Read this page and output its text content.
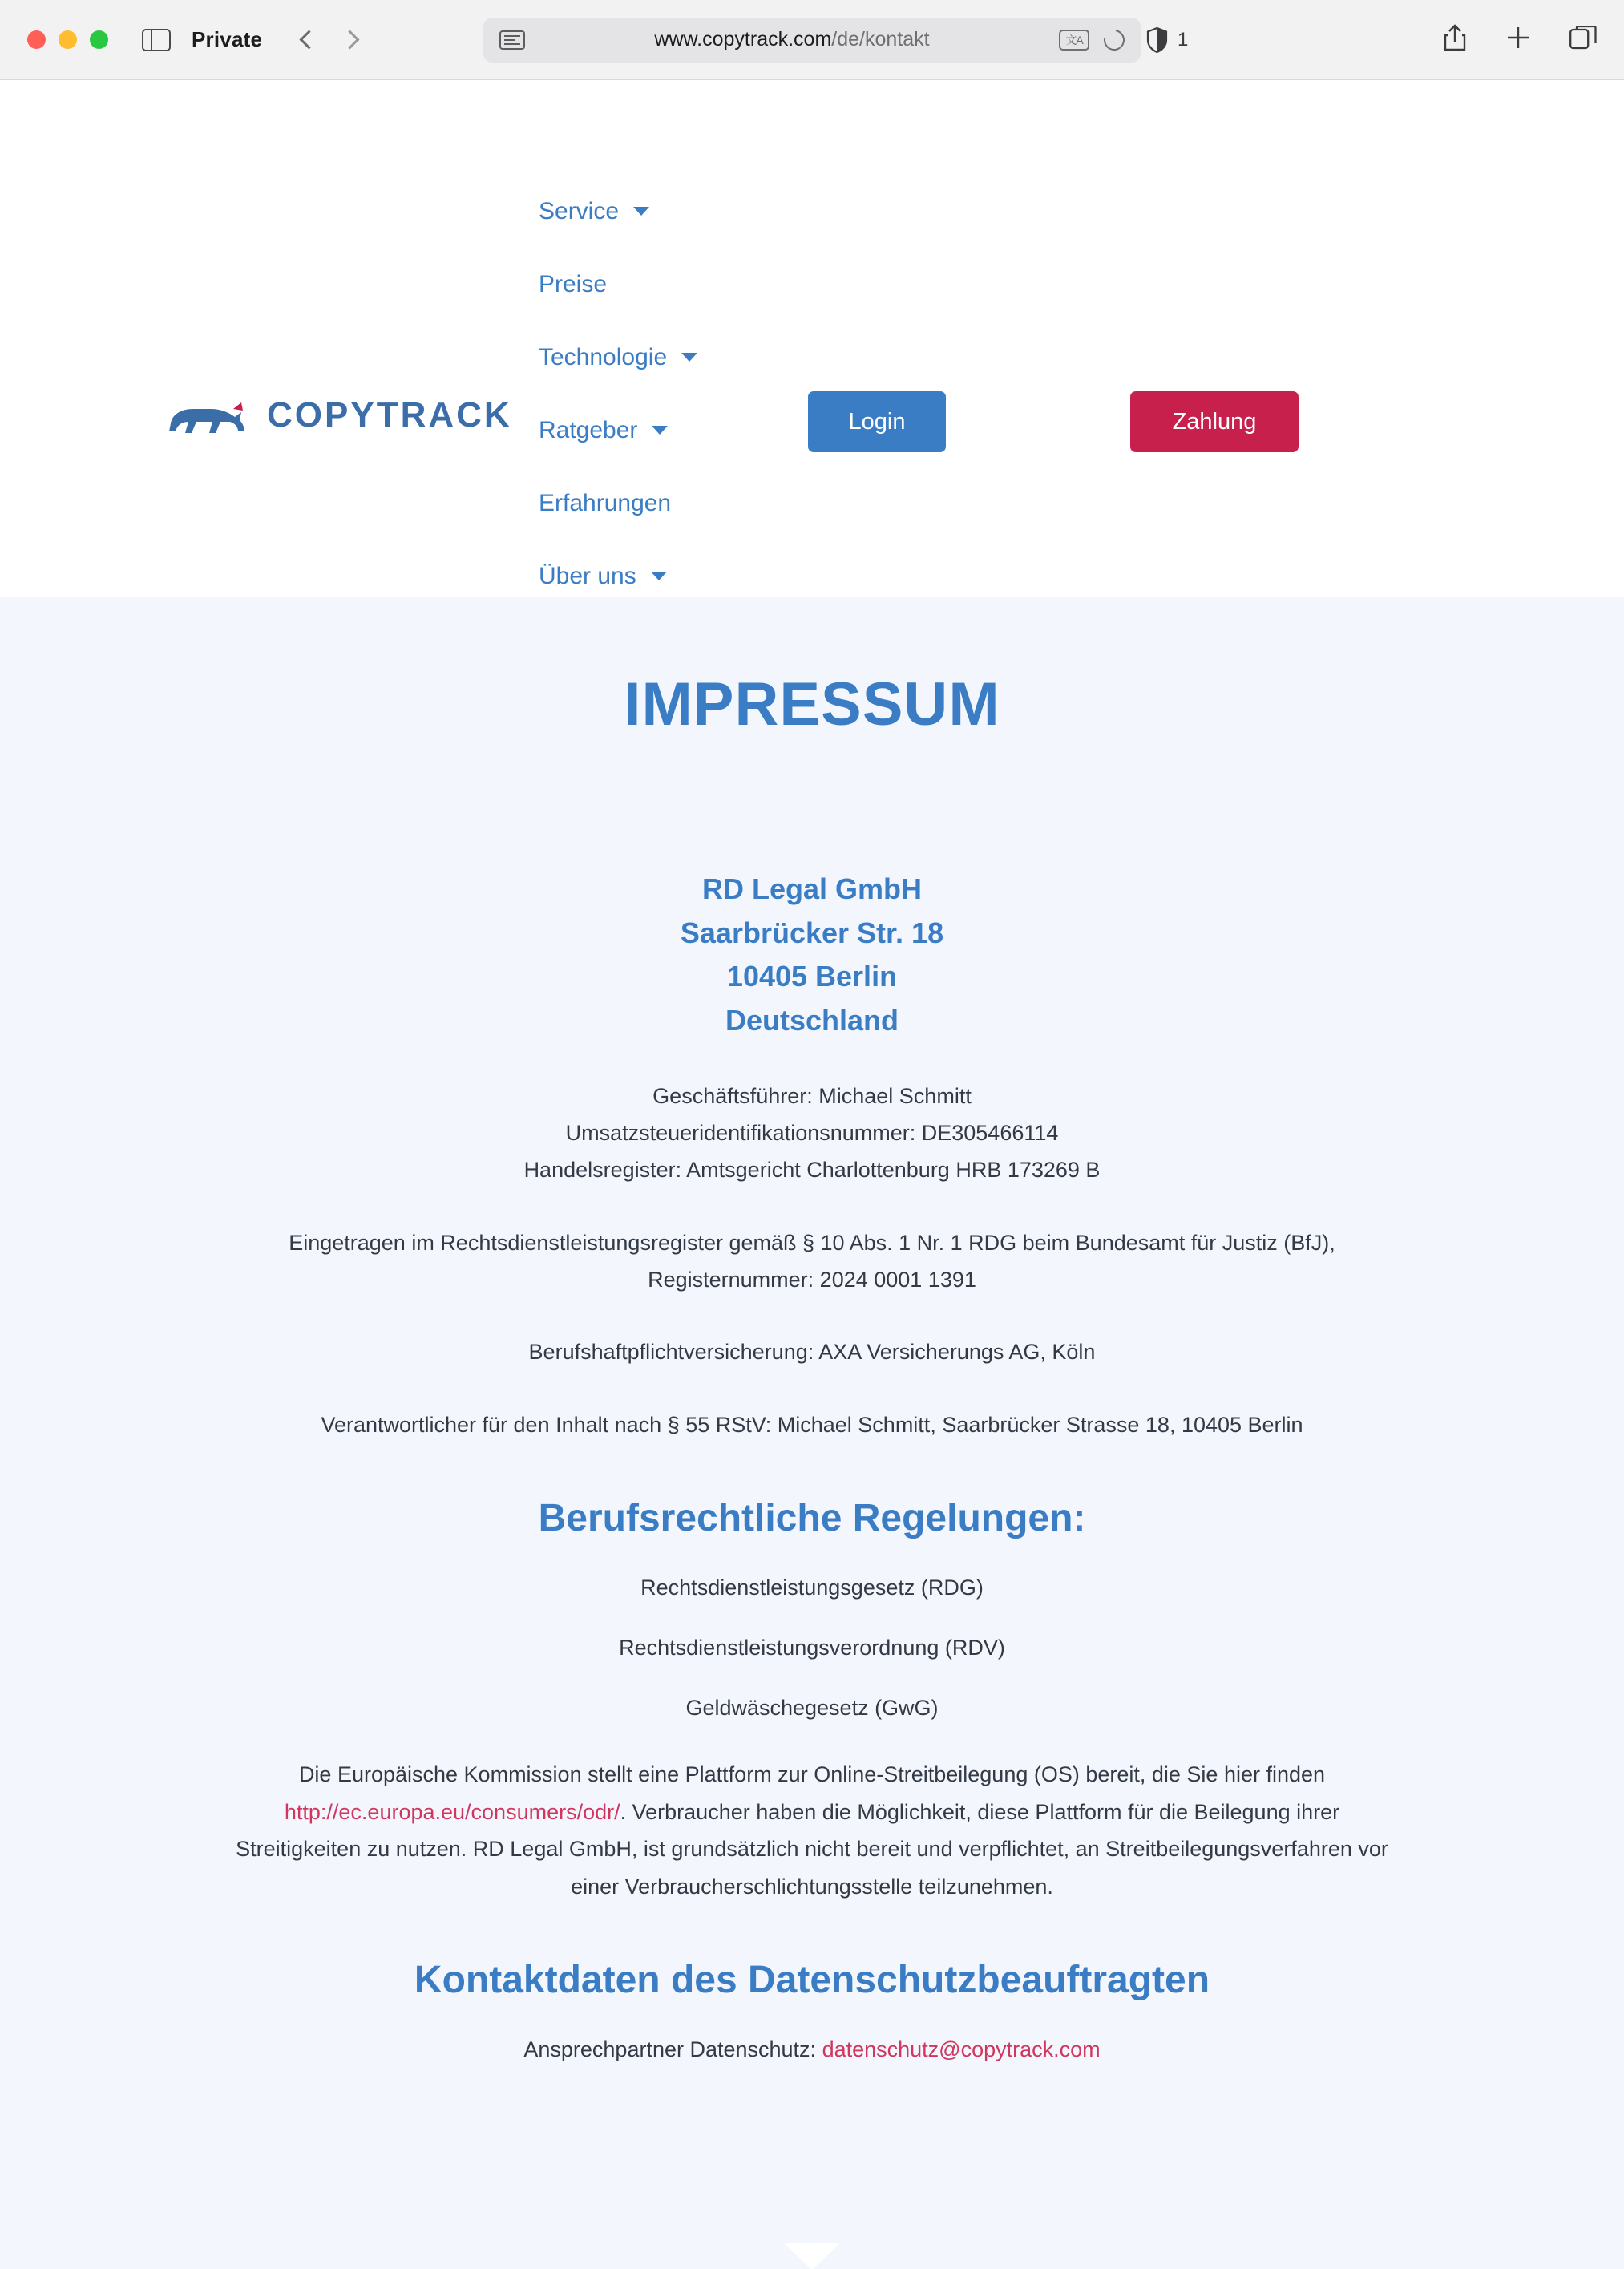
Private	www.copytrack.com/de/kontakt	文A	1
COPYTRACK
Service
Preise
Technologie
Ratgeber
Erfahrungen
Über uns
Login	Zahlung
IMPRESSUM
RD Legal GmbH
Saarbrücker Str. 18
10405 Berlin
Deutschland
Geschäftsführer: Michael Schmitt
Umsatzsteueridentifikationsnummer: DE305466114
Handelsregister: Amtsgericht Charlottenburg HRB 173269 B
Eingetragen im Rechtsdienstleistungsregister gemäß § 10 Abs. 1 Nr. 1 RDG beim Bundesamt für Justiz (BfJ), Registernummer: 2024 0001 1391
Berufshaftpflichtversicherung: AXA Versicherungs AG, Köln
Verantwortlicher für den Inhalt nach § 55 RStV: Michael Schmitt, Saarbrücker Strasse 18, 10405 Berlin
Berufsrechtliche Regelungen:
Rechtsdienstleistungsgesetz (RDG)
Rechtsdienstleistungsverordnung (RDV)
Geldwäschegesetz (GwG)
Die Europäische Kommission stellt eine Plattform zur Online-Streitbeilegung (OS) bereit, die Sie hier finden http://ec.europa.eu/consumers/odr/. Verbraucher haben die Möglichkeit, diese Plattform für die Beilegung ihrer Streitigkeiten zu nutzen. RD Legal GmbH, ist grundsätzlich nicht bereit und verpflichtet, an Streitbeilegungsverfahren vor einer Verbraucherschlichtungsstelle teilzunehmen.
Kontaktdaten des Datenschutzbeauftragten
Ansprechpartner Datenschutz: datenschutz@copytrack.com
